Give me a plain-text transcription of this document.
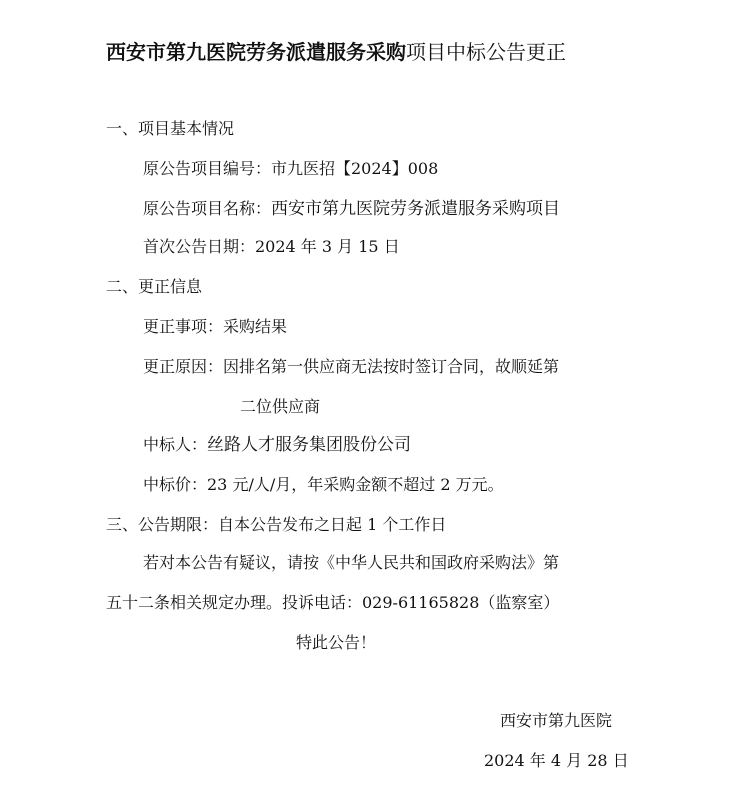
西安市第九医院劳务派遣服务采购项目中标公告更正
一、项目基本情况
原公告项目编号：市九医招【2024】008
原公告项目名称：西安市第九医院劳务派遣服务采购项目
首次公告日期：2024 年 3 月 15 日
二、更正信息
更正事项：采购结果
更正原因：因排名第一供应商无法按时签订合同，故顺延第
二位供应商
中标人：丝路人才服务集团股份公司
中标价：23 元/人/月，年采购金额不超过 2 万元。
三、公告期限：自本公告发布之日起 1 个工作日
若对本公告有疑议，请按《中华人民共和国政府采购法》第
五十二条相关规定办理。投诉电话：029-61165828（监察室）
特此公告！
西安市第九医院
2024 年 4 月 28 日
